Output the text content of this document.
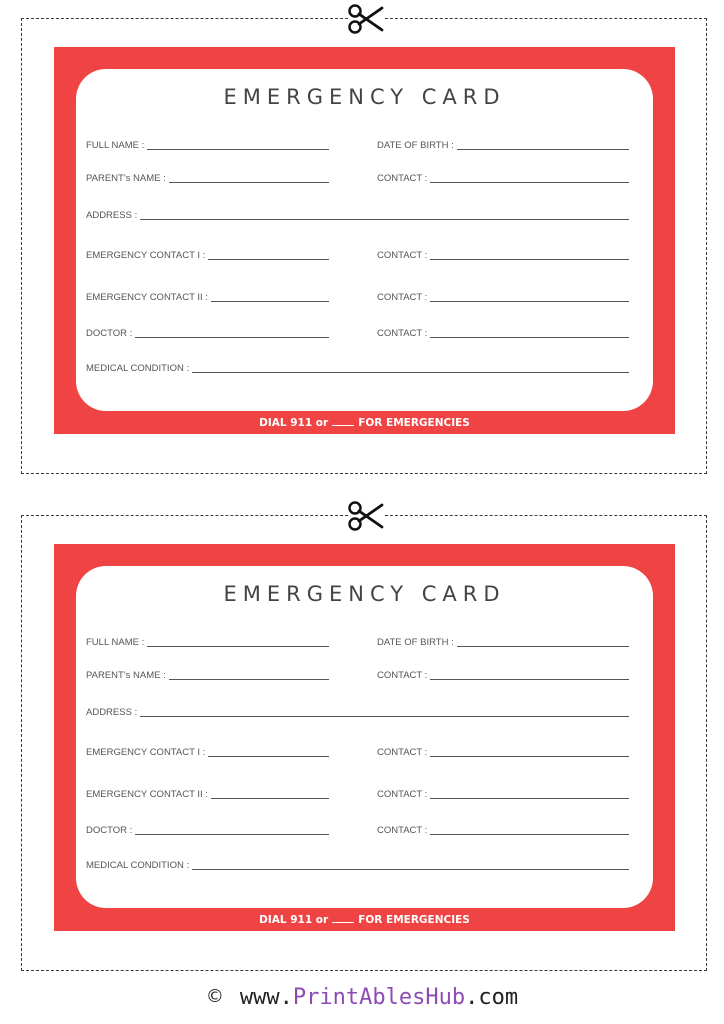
EMERGENCY CARD
FULL NAME :	DATE OF BIRTH :
PARENT's NAME :	CONTACT :
ADDRESS :
EMERGENCY CONTACT I :	CONTACT :
EMERGENCY CONTACT II :	CONTACT :
DOCTOR :	CONTACT :
MEDICAL CONDITION :
DIAL 911 or	FOR EMERGENCIES
EMERGENCY CARD
FULL NAME :	DATE OF BIRTH :
PARENT's NAME :	CONTACT :
ADDRESS :
EMERGENCY CONTACT I :	CONTACT :
EMERGENCY CONTACT II :	CONTACT :
DOCTOR :	CONTACT :
MEDICAL CONDITION :
DIAL 911 or	FOR EMERGENCIES
© www.PrintAblesHub.com
